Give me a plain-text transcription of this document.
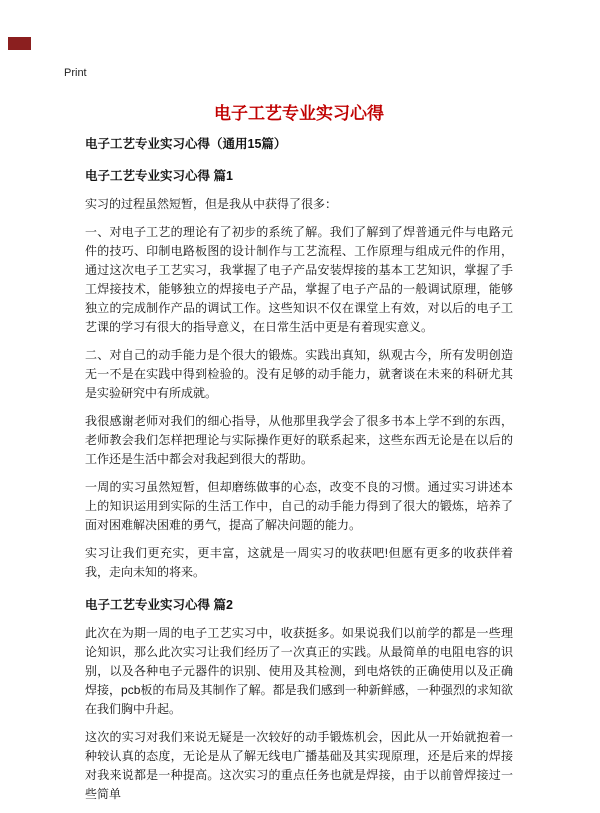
Print
电子工艺专业实习心得
电子工艺专业实习心得（通用15篇）
电子工艺专业实习心得 篇1

实习的过程虽然短暂，但是我从中获得了很多：

一、对电子工艺的理论有了初步的系统了解。我们了解到了焊普通元件与电路元件的技巧、印制电路板图的设计制作与工艺流程、工作原理与组成元件的作用，通过这次电子工艺实习，我掌握了电子产品安装焊接的基本工艺知识，掌握了手工焊接技术，能够独立的焊接电子产品，掌握了电子产品的一般调试原理，能够独立的完成制作产品的调试工作。这些知识不仅在课堂上有效，对以后的电子工艺课的学习有很大的指导意义，在日常生活中更是有着现实意义。

二、对自己的动手能力是个很大的锻炼。实践出真知，纵观古今，所有发明创造无一不是在实践中得到检验的。没有足够的动手能力，就奢谈在未来的科研尤其是实验研究中有所成就。

我很感谢老师对我们的细心指导，从他那里我学会了很多书本上学不到的东西，老师教会我们怎样把理论与实际操作更好的联系起来，这些东西无论是在以后的工作还是生活中都会对我起到很大的帮助。

一周的实习虽然短暂，但却磨练做事的心态，改变不良的习惯。通过实习讲述本上的知识运用到实际的生活工作中，自己的动手能力得到了很大的锻炼，培养了面对困难解决困难的勇气，提高了解决问题的能力。

实习让我们更充实，更丰富，这就是一周实习的收获吧!但愿有更多的收获伴着我，走向未知的将来。

电子工艺专业实习心得 篇2

此次在为期一周的电子工艺实习中，收获挺多。如果说我们以前学的都是一些理论知识，那么此次实习让我们经历了一次真正的实践。从最简单的电阻电容的识别，以及各种电子元器件的识别、使用及其检测，到电烙铁的正确使用以及正确焊接，pcb板的布局及其制作了解。都是我们感到一种新鲜感，一种强烈的求知欲在我们胸中升起。

这次的实习对我们来说无疑是一次较好的动手锻炼机会，因此从一开始就抱着一种较认真的态度，无论是从了解无线电广播基础及其实现原理，还是后来的焊接对我来说都是一种提高。这次实习的重点任务也就是焊接，由于以前曾焊接过一些简单
